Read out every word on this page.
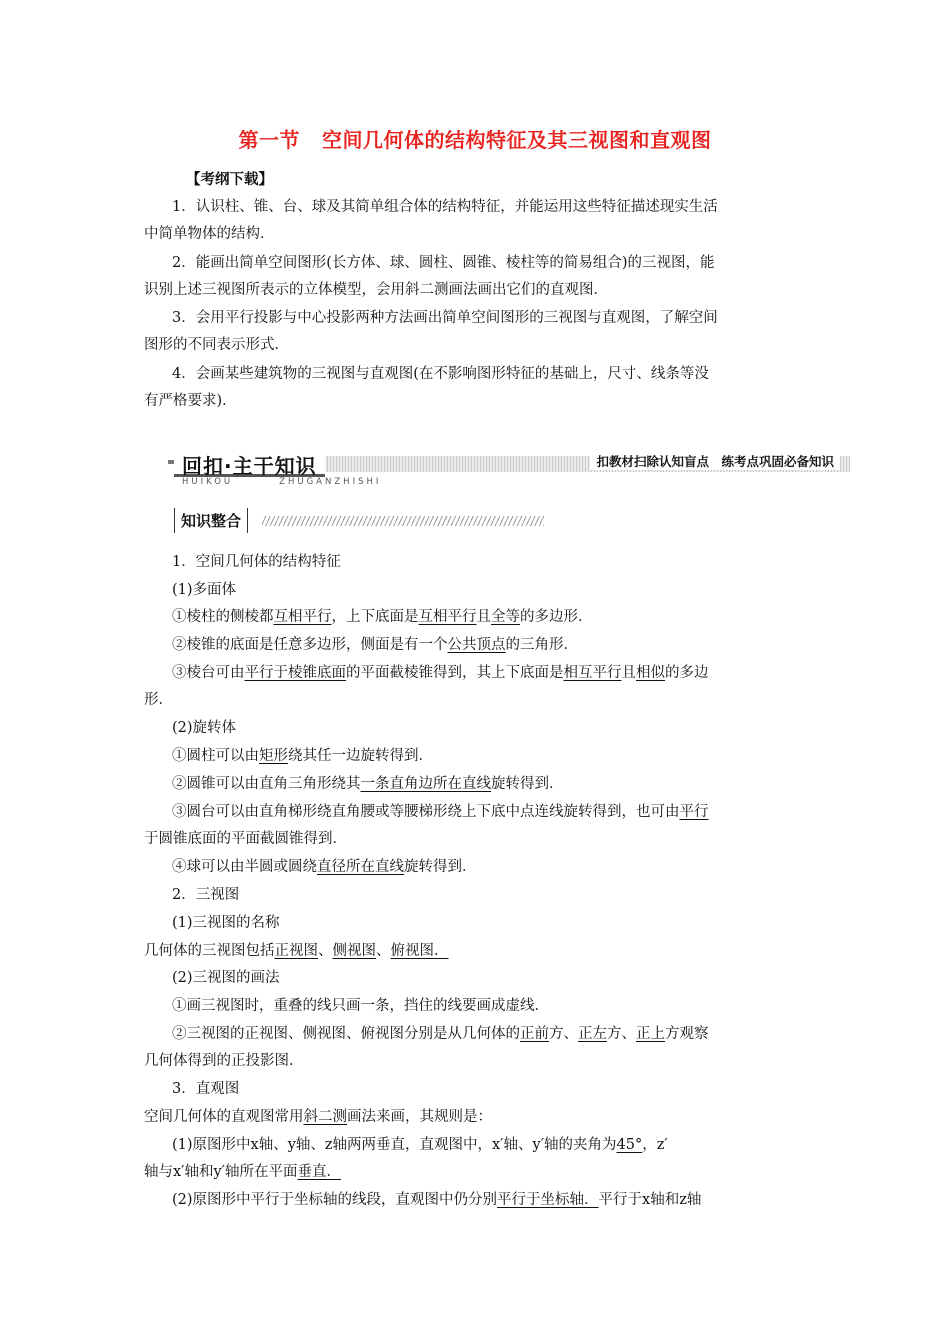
第一节 空间几何体的结构特征及其三视图和直观图
【考纲下载】
1．认识柱、锥、台、球及其简单组合体的结构特征，并能运用这些特征描述现实生活
中简单物体的结构．
2．能画出简单空间图形(长方体、球、圆柱、圆锥、棱柱等的简易组合)的三视图，能
识别上述三视图所表示的立体模型，会用斜二测画法画出它们的直观图．
3．会用平行投影与中心投影两种方法画出简单空间图形的三视图与直观图，了解空间
图形的不同表示形式．
4．会画某些建筑物的三视图与直观图(在不影响图形特征的基础上，尺寸、线条等没
有严格要求)．
回扣·主干知识	扣教材扫除认知盲点　练考点巩固必备知识
HUIKOU	ZHUGANZHISHI
知识整合
1．空间几何体的结构特征
(1)多面体
①棱柱的侧棱都互相平行，上下底面是互相平行且全等的多边形．
②棱锥的底面是任意多边形，侧面是有一个公共顶点的三角形．
③棱台可由平行于棱锥底面的平面截棱锥得到，其上下底面是相互平行且相似的多边
形．
(2)旋转体
①圆柱可以由矩形绕其任一边旋转得到．
②圆锥可以由直角三角形绕其一条直角边所在直线旋转得到．
③圆台可以由直角梯形绕直角腰或等腰梯形绕上下底中点连线旋转得到，也可由平行
于圆锥底面的平面截圆锥得到．
④球可以由半圆或圆绕直径所在直线旋转得到．
2．三视图
(1)三视图的名称
几何体的三视图包括正视图、侧视图、俯视图．
(2)三视图的画法
①画三视图时，重叠的线只画一条，挡住的线要画成虚线．
②三视图的正视图、侧视图、俯视图分别是从几何体的正前方、正左方、正上方观察
几何体得到的正投影图．
3．直观图
空间几何体的直观图常用斜二测画法来画，其规则是：
(1)原图形中x轴、y轴、z轴两两垂直，直观图中，x′轴、y′轴的夹角为45°，z′
轴与x′轴和y′轴所在平面垂直．
(2)原图形中平行于坐标轴的线段，直观图中仍分别平行于坐标轴．平行于x轴和z轴
